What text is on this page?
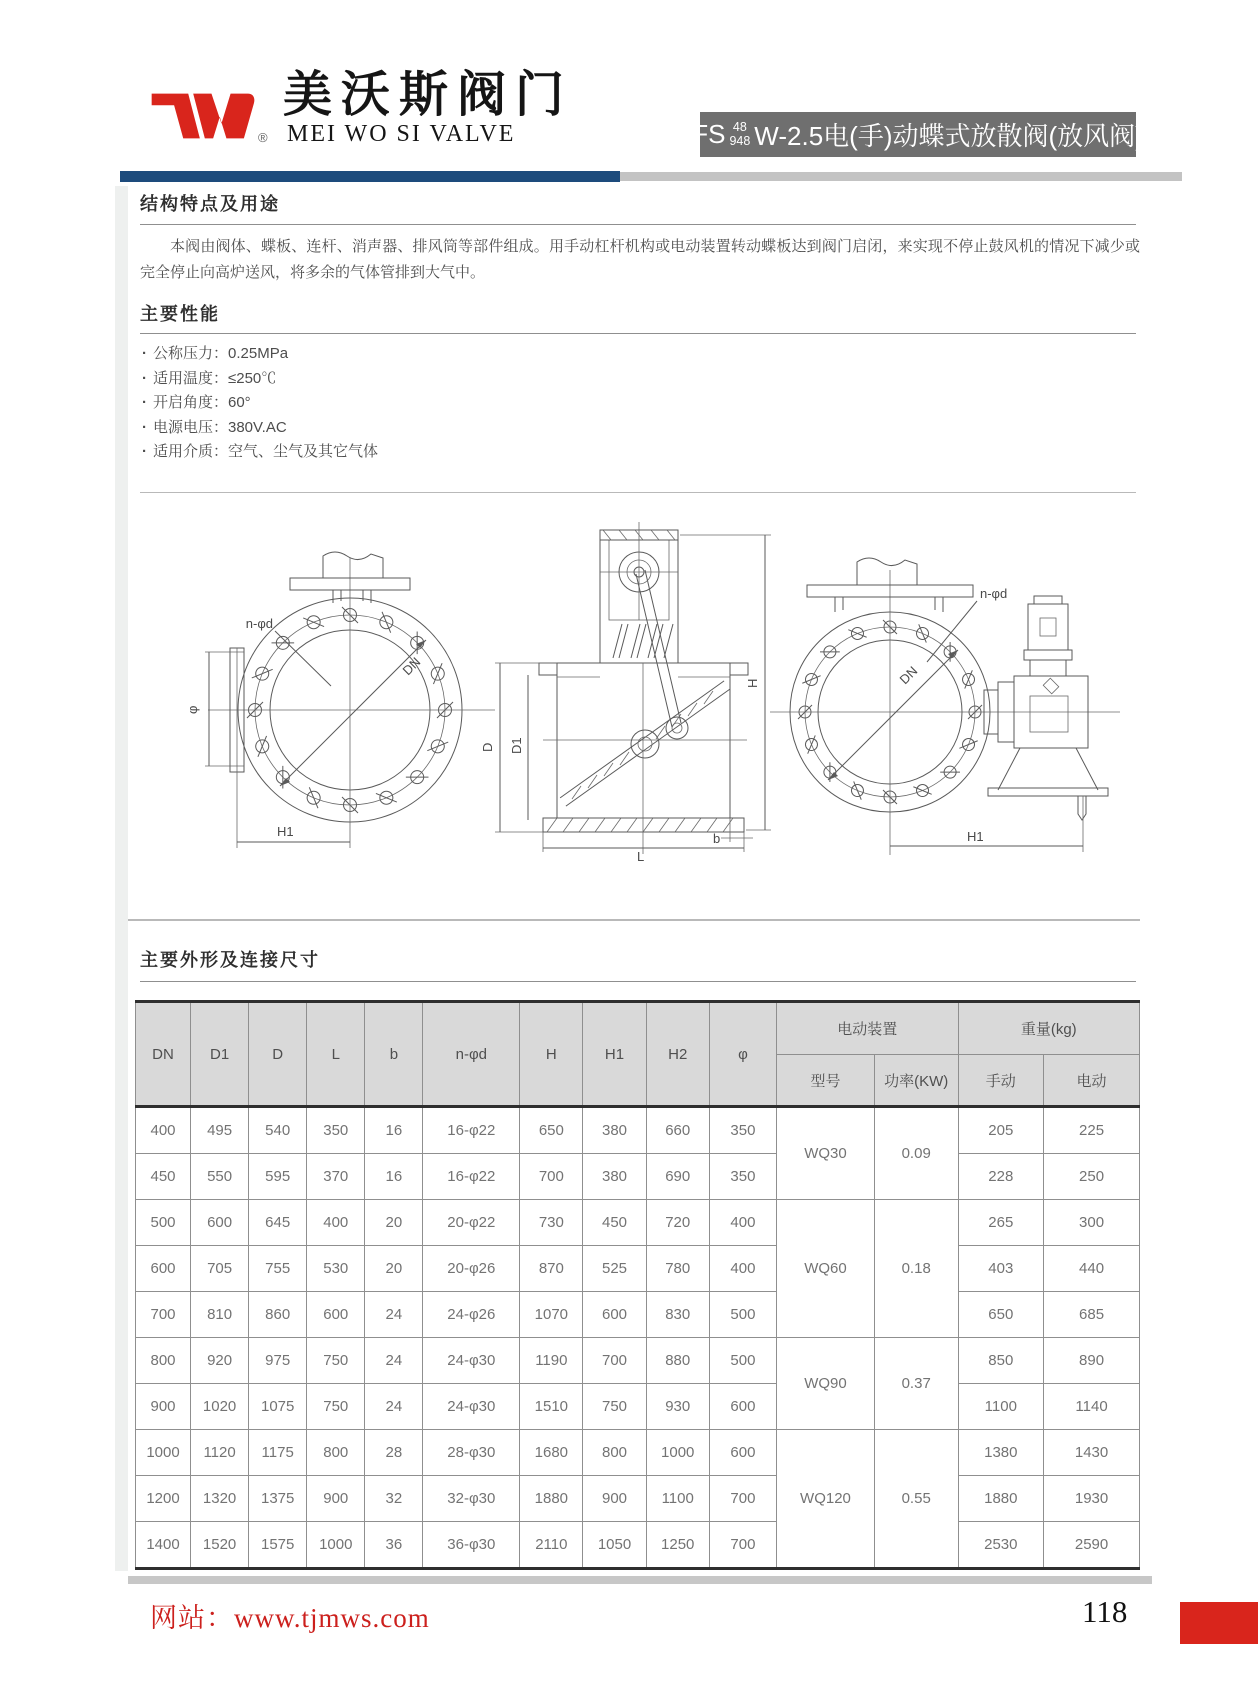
®
美沃斯阀门
MEI WO SI VALVE	FS 48
948 W-2.5电(手)动蝶式放散阀(放风阀)
结构特点及用途
本阀由阀体、蝶板、连杆、消声器、排风筒等部件组成。用手动杠杆机构或电动装置转动蝶板达到阀门启闭，来实现不停止鼓风机的情况下减少或完全停止向高炉送风，将多余的气体管排到大气中。
主要性能
· 公称压力：0.25MPa
· 适用温度：≤250℃
· 开启角度：60°
· 电源电压：380V.AC
· 适用介质：空气、尘气及其它气体
DN
n-φd
φ
H1
D D1
L
b
H	DN
n-φd
H1
主要外形及连接尺寸
DN	D1	D	L	b	n-φd	H	H1	H2	φ	电动装置		重量(kg)	
										型号	功率(KW)	手动	电动
400	495	540	350	16	16-φ22	650	380	660	350	WQ30	0.09	205	225
450	550	595	370	16	16-φ22	700	380	690	350			228	250
500	600	645	400	20	20-φ22	730	450	720	400	WQ60	0.18	265	300
600	705	755	530	20	20-φ26	870	525	780	400			403	440
700	810	860	600	24	24-φ26	1070	600	830	500			650	685
800	920	975	750	24	24-φ30	1190	700	880	500	WQ90	0.37	850	890
900	1020	1075	750	24	24-φ30	1510	750	930	600			1100	1140
1000	1120	1175	800	28	28-φ30	1680	800	1000	600	WQ120	0.55	1380	1430
1200	1320	1375	900	32	32-φ30	1880	900	1100	700			1880	1930
1400	1520	1575	1000	36	36-φ30	2110	1050	1250	700			2530	2590
网站：www.tjmws.com	118
